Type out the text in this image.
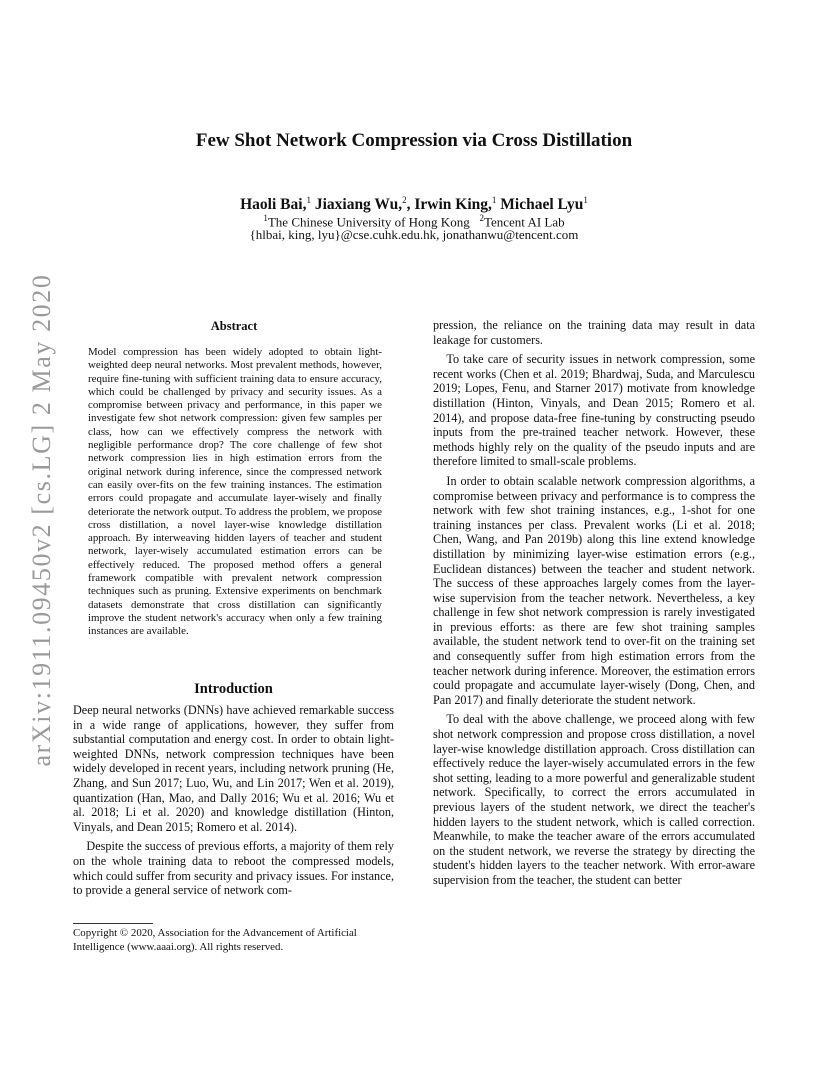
arXiv:1911.09450v2 [cs.LG] 2 May 2020
Few Shot Network Compression via Cross Distillation
Haoli Bai,$^1$ Jiaxiang Wu,$^2$, Irwin King,$^1$ Michael Lyu$^1$
$^1$The Chinese University of Hong Kong $^2$Tencent AI Lab
{hlbai, king, lyu}@cse.cuhk.edu.hk, jonathanwu@tencent.com
Abstract
Model compression has been widely adopted to obtain light-weighted deep neural networks. Most prevalent methods, however, require fine-tuning with sufficient training data to ensure accuracy, which could be challenged by privacy and security issues. As a compromise between privacy and performance, in this paper we investigate few shot network compression: given few samples per class, how can we effectively compress the network with negligible performance drop? The core challenge of few shot network compression lies in high estimation errors from the original network during inference, since the compressed network can easily over-fits on the few training instances. The estimation errors could propagate and accumulate layer-wisely and finally deteriorate the network output. To address the problem, we propose cross distillation, a novel layer-wise knowledge distillation approach. By interweaving hidden layers of teacher and student network, layer-wisely accumulated estimation errors can be effectively reduced. The proposed method offers a general framework compatible with prevalent network compression techniques such as pruning. Extensive experiments on benchmark datasets demonstrate that cross distillation can significantly improve the student network's accuracy when only a few training instances are available.
Introduction

Deep neural networks (DNNs) have achieved remarkable success in a wide range of applications, however, they suffer from substantial computation and energy cost. In order to obtain light-weighted DNNs, network compression techniques have been widely developed in recent years, including network pruning (He, Zhang, and Sun 2017; Luo, Wu, and Lin 2017; Wen et al. 2019), quantization (Han, Mao, and Dally 2016; Wu et al. 2016; Wu et al. 2018; Li et al. 2020) and knowledge distillation (Hinton, Vinyals, and Dean 2015; Romero et al. 2014).

Despite the success of previous efforts, a majority of them rely on the whole training data to reboot the compressed models, which could suffer from security and privacy issues. For instance, to provide a general service of network com-

Copyright © 2020, Association for the Advancement of Artificial Intelligence (www.aaai.org). All rights reserved.

pression, the reliance on the training data may result in data leakage for customers.

To take care of security issues in network compression, some recent works (Chen et al. 2019; Bhardwaj, Suda, and Marculescu 2019; Lopes, Fenu, and Starner 2017) motivate from knowledge distillation (Hinton, Vinyals, and Dean 2015; Romero et al. 2014), and propose data-free fine-tuning by constructing pseudo inputs from the pre-trained teacher network. However, these methods highly rely on the quality of the pseudo inputs and are therefore limited to small-scale problems.

In order to obtain scalable network compression algorithms, a compromise between privacy and performance is to compress the network with few shot training instances, e.g., 1-shot for one training instances per class. Prevalent works (Li et al. 2018; Chen, Wang, and Pan 2019b) along this line extend knowledge distillation by minimizing layer-wise estimation errors (e.g., Euclidean distances) between the teacher and student network. The success of these approaches largely comes from the layer-wise supervision from the teacher network. Nevertheless, a key challenge in few shot network compression is rarely investigated in previous efforts: as there are few shot training samples available, the student network tend to over-fit on the training set and consequently suffer from high estimation errors from the teacher network during inference. Moreover, the estimation errors could propagate and accumulate layer-wisely (Dong, Chen, and Pan 2017) and finally deteriorate the student network.

To deal with the above challenge, we proceed along with few shot network compression and propose cross distillation, a novel layer-wise knowledge distillation approach. Cross distillation can effectively reduce the layer-wisely accumulated errors in the few shot setting, leading to a more powerful and generalizable student network. Specifically, to correct the errors accumulated in previous layers of the student network, we direct the teacher's hidden layers to the student network, which is called correction. Meanwhile, to make the teacher aware of the errors accumulated on the student network, we reverse the strategy by directing the student's hidden layers to the teacher network. With error-aware supervision from the teacher, the student can better
